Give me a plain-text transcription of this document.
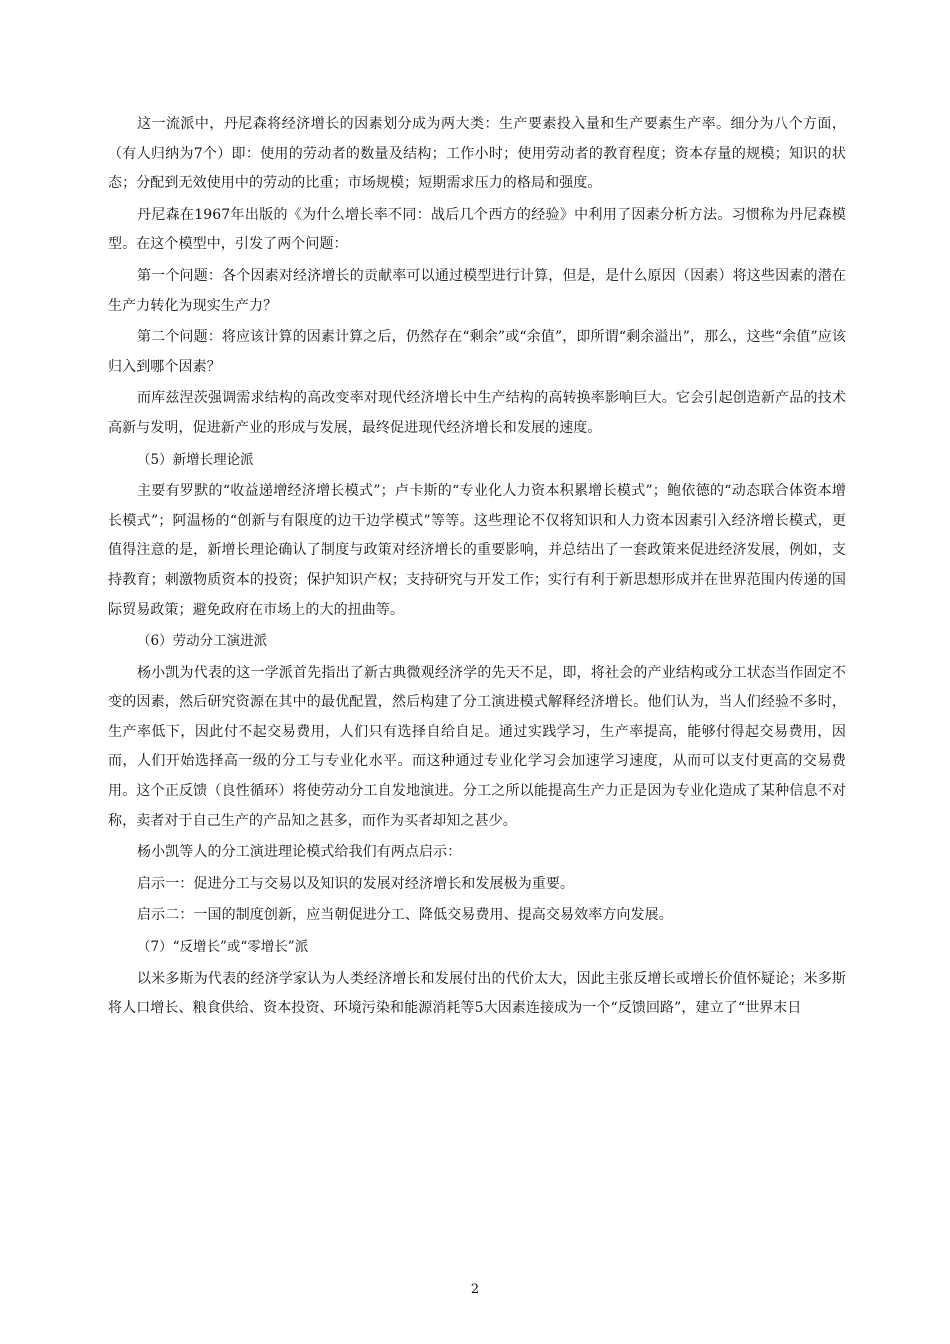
这一流派中，丹尼森将经济增长的因素划分成为两大类：生产要素投入量和生产要素生产率。细分为八个方面，（有人归纳为7个）即：使用的劳动者的数量及结构；工作小时；使用劳动者的教育程度；资本存量的规模；知识的状态；分配到无效使用中的劳动的比重；市场规模；短期需求压力的格局和强度。

丹尼森在1967年出版的《为什么增长率不同：战后几个西方的经验》中利用了因素分析方法。习惯称为丹尼森模型。在这个模型中，引发了两个问题：

第一个问题：各个因素对经济增长的贡献率可以通过模型进行计算，但是，是什么原因（因素）将这些因素的潜在生产力转化为现实生产力？

第二个问题：将应该计算的因素计算之后，仍然存在“剩余”或“余值”，即所谓“剩余溢出”，那么，这些“余值”应该归入到哪个因素？

而库兹涅茨强调需求结构的高改变率对现代经济增长中生产结构的高转换率影响巨大。它会引起创造新产品的技术高新与发明，促进新产业的形成与发展，最终促进现代经济增长和发展的速度。

（5）新增长理论派

主要有罗默的“收益递增经济增长模式”；卢卡斯的“专业化人力资本积累增长模式”；鲍依德的“动态联合体资本增长模式”；阿温杨的“创新与有限度的边干边学模式”等等。这些理论不仅将知识和人力资本因素引入经济增长模式，更值得注意的是，新增长理论确认了制度与政策对经济增长的重要影响，并总结出了一套政策来促进经济发展，例如，支持教育；刺激物质资本的投资；保护知识产权；支持研究与开发工作；实行有利于新思想形成并在世界范围内传递的国际贸易政策；避免政府在市场上的大的扭曲等。

（6）劳动分工演进派

杨小凯为代表的这一学派首先指出了新古典微观经济学的先天不足，即，将社会的产业结构或分工状态当作固定不变的因素，然后研究资源在其中的最优配置，然后构建了分工演进模式解释经济增长。他们认为，当人们经验不多时，生产率低下，因此付不起交易费用，人们只有选择自给自足。通过实践学习，生产率提高，能够付得起交易费用，因而，人们开始选择高一级的分工与专业化水平。而这种通过专业化学习会加速学习速度，从而可以支付更高的交易费用。这个正反馈（良性循环）将使劳动分工自发地演进。分工之所以能提高生产力正是因为专业化造成了某种信息不对称，卖者对于自己生产的产品知之甚多，而作为买者却知之甚少。

杨小凯等人的分工演进理论模式给我们有两点启示：

启示一：促进分工与交易以及知识的发展对经济增长和发展极为重要。

启示二：一国的制度创新，应当朝促进分工、降低交易费用、提高交易效率方向发展。

（7）“反增长”或“零增长”派

以米多斯为代表的经济学家认为人类经济增长和发展付出的代价太大，因此主张反增长或增长价值怀疑论；米多斯将人口增长、粮食供给、资本投资、环境污染和能源消耗等5大因素连接成为一个“反馈回路”，建立了“世界末日

2
